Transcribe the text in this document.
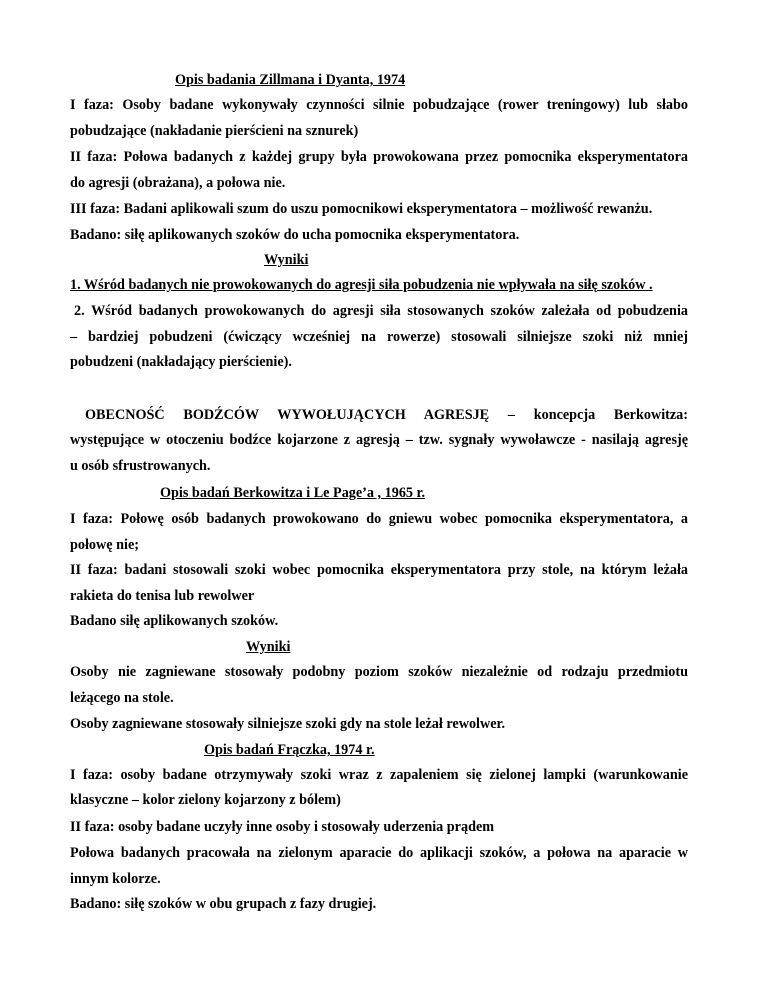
Opis badania Zillmana i Dyanta, 1974
I faza: Osoby badane wykonywały czynności silnie pobudzające (rower treningowy) lub słabo
pobudzające (nakładanie pierścieni na sznurek)
II faza: Połowa badanych z każdej grupy była prowokowana przez pomocnika eksperymentatora
do agresji (obrażana), a połowa nie.
III faza: Badani aplikowali szum do uszu pomocnikowi eksperymentatora – możliwość rewanżu.
Badano: siłę aplikowanych szoków do ucha pomocnika eksperymentatora.
Wyniki
1. Wśród badanych nie prowokowanych do agresji siła pobudzenia nie wpływała na siłę szoków .
2. Wśród badanych prowokowanych do agresji siła stosowanych szoków zależała od pobudzenia
– bardziej pobudzeni (ćwiczący wcześniej na rowerze) stosowali silniejsze szoki niż mniej
pobudzeni (nakładający pierścienie).
OBECNOŚĆ BODŹCÓW WYWOŁUJĄCYCH AGRESJĘ – koncepcja Berkowitza:
występujące w otoczeniu bodźce kojarzone z agresją – tzw. sygnały wywoławcze - nasilają agresję
u osób sfrustrowanych.
Opis badań Berkowitza i Le Page’a , 1965 r.
I faza: Połowę osób badanych prowokowano do gniewu wobec pomocnika eksperymentatora, a
połowę nie;
II faza: badani stosowali szoki wobec pomocnika eksperymentatora przy stole, na którym leżała
rakieta do tenisa lub rewolwer
Badano siłę aplikowanych szoków.
Wyniki
Osoby nie zagniewane stosowały podobny poziom szoków niezależnie od rodzaju przedmiotu
leżącego na stole.
Osoby zagniewane stosowały silniejsze szoki gdy na stole leżał rewolwer.
Opis badań Frączka, 1974 r.
I faza: osoby badane otrzymywały szoki wraz z zapaleniem się zielonej lampki (warunkowanie
klasyczne – kolor zielony kojarzony z bólem)
II faza: osoby badane uczyły inne osoby i stosowały uderzenia prądem
Połowa badanych pracowała na zielonym aparacie do aplikacji szoków, a połowa na aparacie w
innym kolorze.
Badano: siłę szoków w obu grupach z fazy drugiej.
